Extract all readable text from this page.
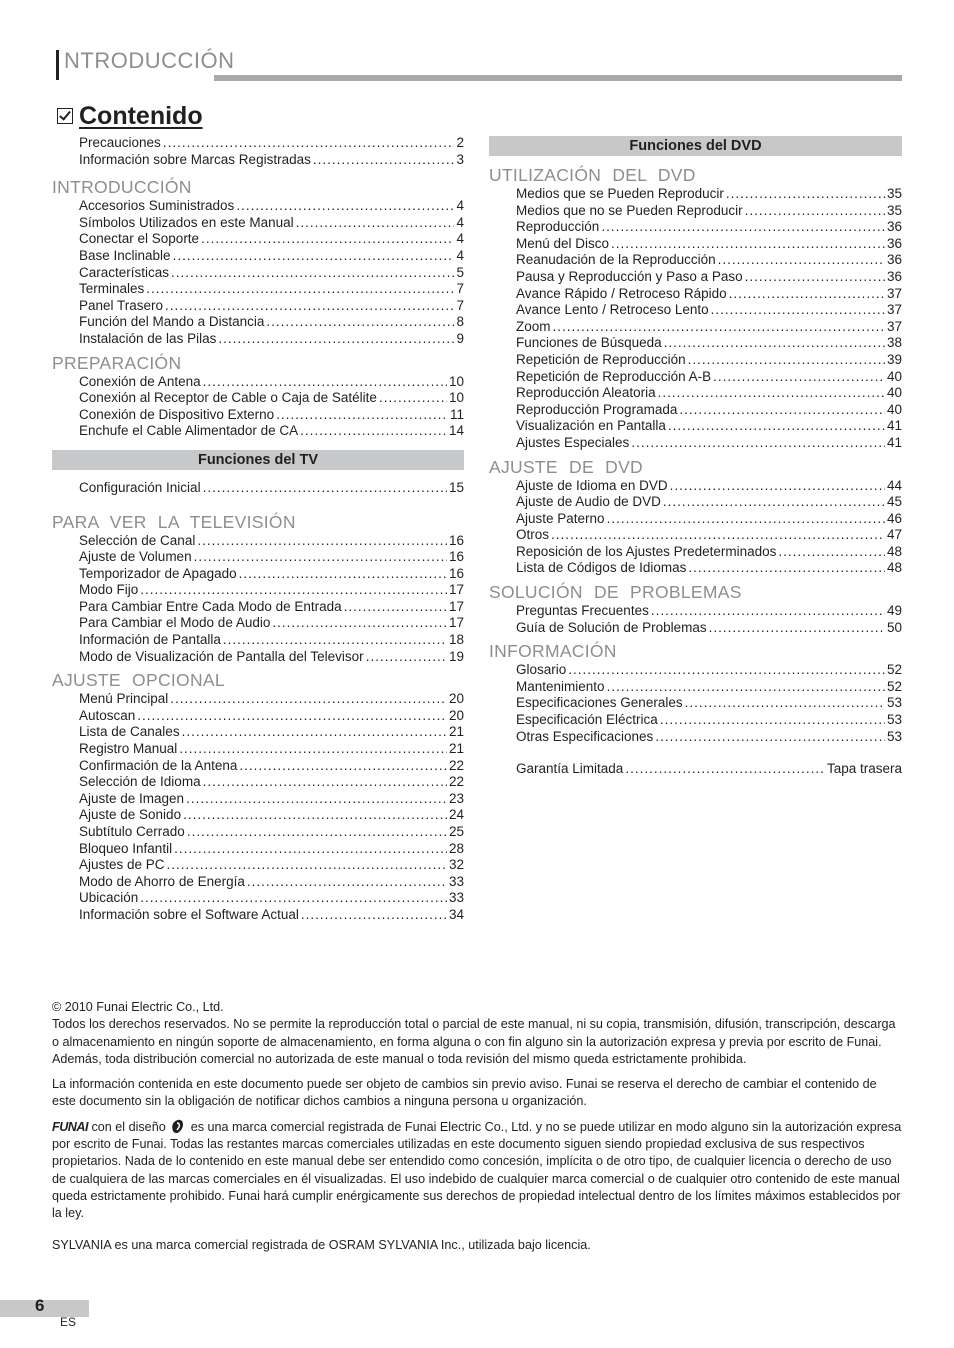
NTRODUCCIÓN
Contenido
Precauciones .....	2
Información sobre Marcas Registradas .....	3
INTRODUCCIÓN
Accesorios Suministrados .....	4
Símbolos Utilizados en este Manual .....	4
Conectar el Soporte .....	4
Base Inclinable .....	4
Características .....	5
Terminales .....	7
Panel Trasero .....	7
Función del Mando a Distancia .....	8
Instalación de las Pilas .....	9
PREPARACIÓN
Conexión de Antena .....	10
Conexión al Receptor de Cable o Caja de Satélite .....	10
Conexión de Dispositivo Externo .....	11
Enchufe el Cable Alimentador de CA .....	14
Funciones del TV
Configuración Inicial .....	15
PARA VER LA TELEVISIÓN
Selección de Canal .....	16
Ajuste de Volumen .....	16
Temporizador de Apagado .....	16
Modo Fijo .....	17
Para Cambiar Entre Cada Modo de Entrada .....	17
Para Cambiar el Modo de Audio .....	17
Información de Pantalla .....	18
Modo de Visualización de Pantalla del Televisor .....	19
AJUSTE OPCIONAL
Menú Principal .....	20
Autoscan .....	20
Lista de Canales .....	21
Registro Manual .....	21
Confirmación de la Antena .....	22
Selección de Idioma .....	22
Ajuste de Imagen .....	23
Ajuste de Sonido .....	24
Subtítulo Cerrado .....	25
Bloqueo Infantil .....	28
Ajustes de PC .....	32
Modo de Ahorro de Energía .....	33
Ubicación .....	33
Información sobre el Software Actual .....	34
Funciones del DVD
UTILIZACIÓN DEL DVD
Medios que se Pueden Reproducir .....	35
Medios que no se Pueden Reproducir .....	35
Reproducción .....	36
Menú del Disco .....	36
Reanudación de la Reproducción .....	36
Pausa y Reproducción y Paso a Paso .....	36
Avance Rápido / Retroceso Rápido .....	37
Avance Lento / Retroceso Lento .....	37
Zoom .....	37
Funciones de Búsqueda .....	38
Repetición de Reproducción .....	39
Repetición de Reproducción A-B .....	40
Reproducción Aleatoria .....	40
Reproducción Programada .....	40
Visualización en Pantalla .....	41
Ajustes Especiales .....	41
AJUSTE DE DVD
Ajuste de Idioma en DVD .....	44
Ajuste de Audio de DVD .....	45
Ajuste Paterno .....	46
Otros .....	47
Reposición de los Ajustes Predeterminados .....	48
Lista de Códigos de Idiomas .....	48
SOLUCIÓN DE PROBLEMAS
Preguntas Frecuentes .....	49
Guía de Solución de Problemas .....	50
INFORMACIÓN
Glosario .....	52
Mantenimiento .....	52
Especificaciones Generales .....	53
Especificación Eléctrica .....	53
Otras Especificaciones .....	53
Garantía Limitada .....	Tapa trasera

© 2010 Funai Electric Co., Ltd.

Todos los derechos reservados. No se permite la reproducción total o parcial de este manual, ni su copia, transmisión, difusión, transcripción, descarga o almacenamiento en ningún soporte de almacenamiento, en forma alguna o con fin alguno sin la autorización expresa y previa por escrito de Funai.

Además, toda distribución comercial no autorizada de este manual o toda revisión del mismo queda estrictamente prohibida.

La información contenida en este documento puede ser objeto de cambios sin previo aviso. Funai se reserva el derecho de cambiar el contenido de este documento sin la obligación de notificar dichos cambios a ninguna persona u organización.

FUNAI con el diseño  es una marca comercial registrada de Funai Electric Co., Ltd. y no se puede utilizar en modo alguno sin la autorización expresa por escrito de Funai. Todas las restantes marcas comerciales utilizadas en este documento siguen siendo propiedad exclusiva de sus respectivos propietarios. Nada de lo contenido en este manual debe ser entendido como concesión, implícita o de otro tipo, de cualquier licencia o derecho de uso de cualquiera de las marcas comerciales en él visualizadas. El uso indebido de cualquier marca comercial o de cualquier otro contenido de este manual queda estrictamente prohibido. Funai hará cumplir enérgicamente sus derechos de propiedad intelectual dentro de los límites máximos establecidos por la ley.

SYLVANIA es una marca comercial registrada de OSRAM SYLVANIA Inc., utilizada bajo licencia.

6
ES
